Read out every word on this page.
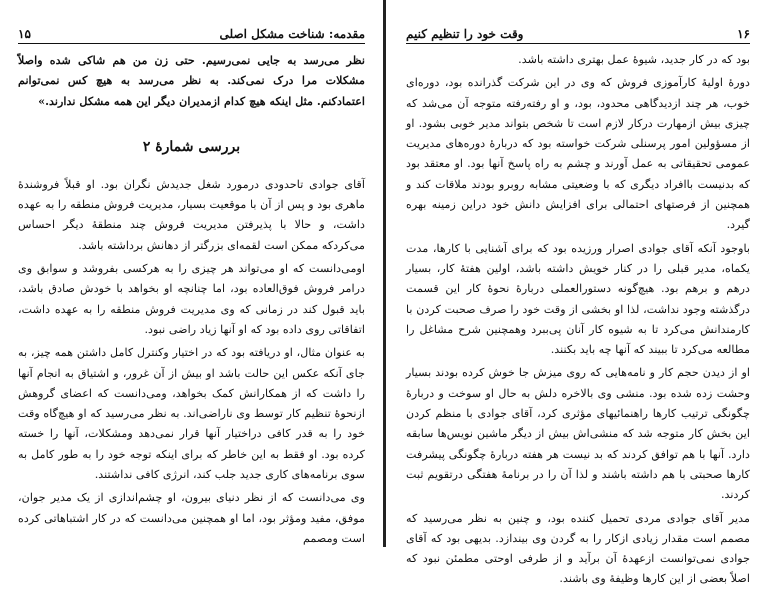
مقدمه: شناخت مشکل اصلی
۱۵

نظر می‌رسد به جایی نمی‌رسیم. حتی زن من هم شاکی شده واصلاً مشکلات مرا درک نمی‌کند. به نظر می‌رسد به هیچ کس نمی‌توانم اعتمادکنم. مثل اینکه هیچ کدام ازمدیران دیگر این همه مشکل ندارند.»

بررسی شمارهٔ ۲

آقای جوادی تاحدودی درمورد شغل جدیدش نگران بود. او قبلاً فروشندهٔ ماهری بود و پس از آن با موقعیت بسیار، مدیریت فروش منطقه را به عهده داشت، و حالا با پذیرفتن مدیریت فروش چند منطقهٔ دیگر احساس می‌کردکه ممکن است لقمه‌ای بزرگتر از دهانش برداشته باشد.

اومی‌دانست که او می‌تواند هر چیزی را به هرکسی بفروشد و سوابق وی درامر فروش فوق‌العاده بود، اما چنانچه او بخواهد با خودش صادق باشد، باید قبول کند در زمانی که وی مدیریت فروش منطقه را به عهده داشت، اتفاقاتی روی داده بود که او آنها زیاد راضی نبود.

به عنوان مثال، او دریافته بود که در اختیار وکنترل کامل داشتن همه چیز، به جای آنکه عکس این حالت باشد او بیش از آن غرور، و اشتیاق به انجام آنها را داشت که از همکارانش کمک بخواهد، ومی‌دانست که اعضای گروهش ازنحوهٔ تنظیم کار توسط وی ناراضی‌اند. به نظر می‌رسید که او هیچ‌گاه وقت خود را به قدر کافی دراختیار آنها قرار نمی‌دهد ومشکلات، آنها را خسته کرده بود. او فقط به این خاطر که برای اینکه توجه خود را به طور کامل به سوی برنامه‌های کاری جدید جلب کند، انرژی کافی نداشتند.

وی می‌دانست که از نظر دنیای بیرون، او چشم‌اندازی از یک مدیر جوان، موفق، مفید ومؤثر بود، اما او همچنین می‌دانست که در کار اشتباهاتی کرده است ومصمم

۱۶
وقت خود را تنظیم کنیم

بود که در کار جدید، شیوهٔ عمل بهتری داشته باشد.

دورهٔ اولیهٔ کارآموزی فروش که وی در این شرکت گذرانده بود، دوره‌ای خوب، هر چند ازدیدگاهی محدود، بود، و او رفته‌رفته متوجه آن می‌شد که چیزی بیش ازمهارت درکار لازم است تا شخص بتواند مدیر خوبی بشود. او از مسؤولین امور پرسنلی شرکت خواسته بود که دربارهٔ دوره‌های مدیریت عمومی تحقیقاتی به عمل آورند و چشم به راه پاسخ آنها بود. او معتقد بود که بدنیست باافراد دیگری که با وضعیتی مشابه روبرو بودند ملاقات کند و همچنین از فرصتهای احتمالی برای افزایش دانش خود دراین زمینه بهره گیرد.

باوجود آنکه آقای جوادی اصرار ورزیده بود که برای آشنایی با کارها، مدت یکماه، مدیر قبلی را در کنار خویش داشته باشد، اولین هفتهٔ کار، بسیار درهم و برهم بود. هیچ‌گونه دستورالعملی دربارهٔ نحوهٔ کار این قسمت درگذشته وجود نداشت، لذا او بخشی از وقت خود را صرف صحبت کردن با کارمندانش می‌کرد تا به شیوه کار آنان پی‌ببرد وهمچنین شرح مشاغل را مطالعه می‌کرد تا ببیند که آنها چه باید بکنند.

او از دیدن حجم کار و نامه‌هایی که روی میزش جا خوش کرده بودند بسیار وحشت زده شده بود. منشی وی بالاخره دلش به حال او سوخت و دربارهٔ چگونگی ترتیب کارها راهنمائیهای مؤثری کرد، آقای جوادی با منظم کردن این بخش کار متوجه شد که منشی‌اش بیش از دیگر ماشین نویس‌ها سابقه دارد. آنها با هم توافق کردند که بد نیست هر هفته دربارهٔ چگونگی پیشرفت کارها صحبتی با هم داشته باشند و لذا آن را در برنامهٔ هفتگی درتقویم ثبت کردند.

مدیر آقای جوادی مردی تحمیل کننده بود، و چنین به نظر می‌رسید که مصمم است مقدار زیادی ازکار را به گردن وی بیندازد. بدیهی بود که آقای جوادی نمی‌توانست ازعهدهٔ آن برآید و از طرفی اوحتی مطمئن نبود که اصلاً بعضی از این کارها وظیفهٔ وی باشند.
